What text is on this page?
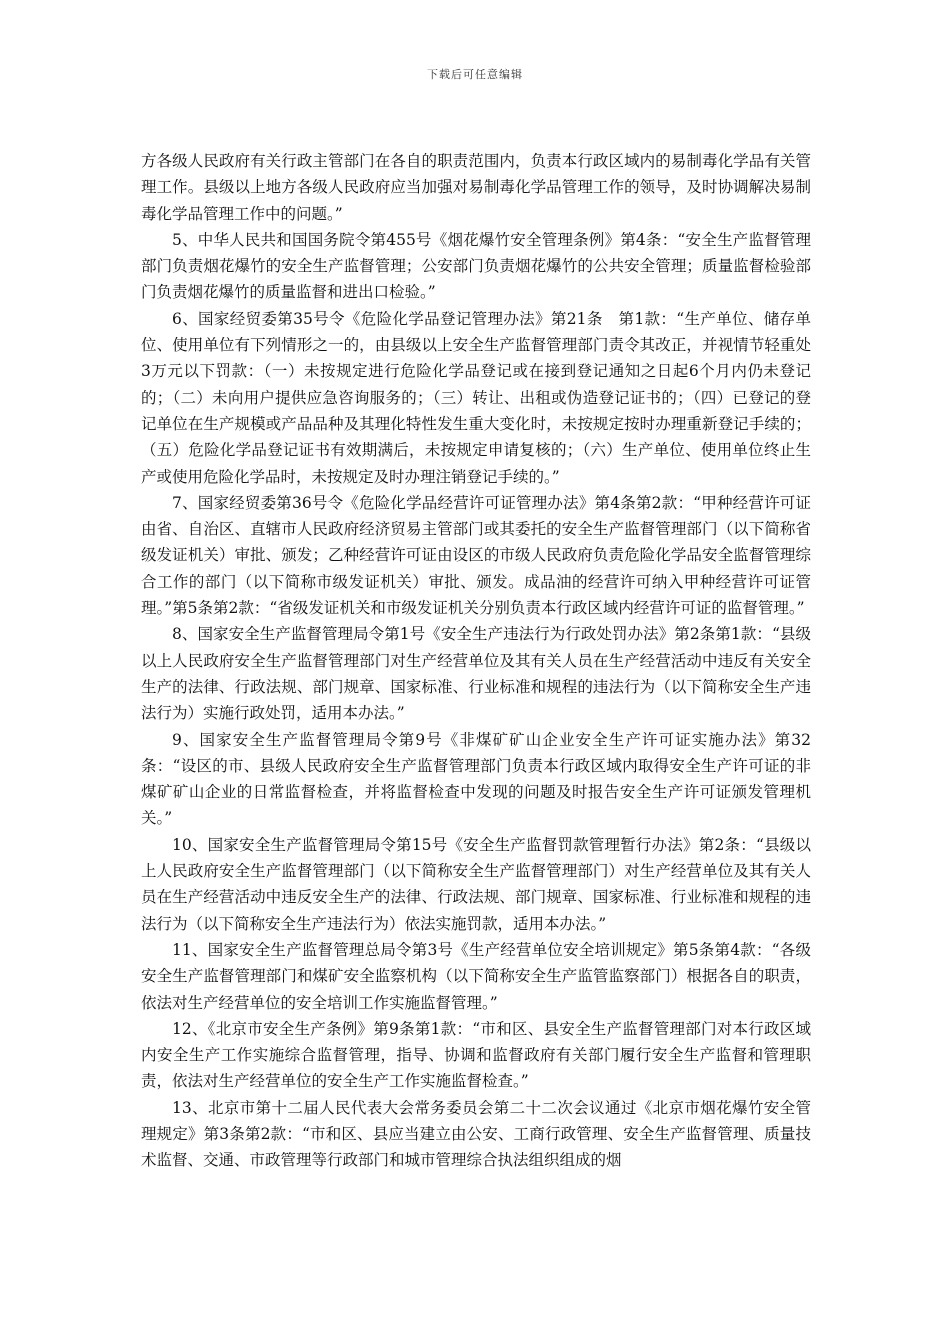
下载后可任意编辑

方各级人民政府有关行政主管部门在各自的职责范围内，负责本行政区域内的易制毒化学品有关管理工作。县级以上地方各级人民政府应当加强对易制毒化学品管理工作的领导，及时协调解决易制毒化学品管理工作中的问题。”

5、中华人民共和国国务院令第455号《烟花爆竹安全管理条例》第4条：“安全生产监督管理部门负责烟花爆竹的安全生产监督管理；公安部门负责烟花爆竹的公共安全管理；质量监督检验部门负责烟花爆竹的质量监督和进出口检验。”

6、国家经贸委第35号令《危险化学品登记管理办法》第21条　第1款：“生产单位、储存单位、使用单位有下列情形之一的，由县级以上安全生产监督管理部门责令其改正，并视情节轻重处3万元以下罚款：（一）未按规定进行危险化学品登记或在接到登记通知之日起6个月内仍未登记的；（二）未向用户提供应急咨询服务的；（三）转让、出租或伪造登记证书的；（四）已登记的登记单位在生产规模或产品品种及其理化特性发生重大变化时，未按规定按时办理重新登记手续的；（五）危险化学品登记证书有效期满后，未按规定申请复核的；（六）生产单位、使用单位终止生产或使用危险化学品时，未按规定及时办理注销登记手续的。”

7、国家经贸委第36号令《危险化学品经营许可证管理办法》第4条第2款：“甲种经营许可证由省、自治区、直辖市人民政府经济贸易主管部门或其委托的安全生产监督管理部门（以下简称省级发证机关）审批、颁发；乙种经营许可证由设区的市级人民政府负责危险化学品安全监督管理综合工作的部门（以下简称市级发证机关）审批、颁发。成品油的经营许可纳入甲种经营许可证管理。”第5条第2款：“省级发证机关和市级发证机关分别负责本行政区域内经营许可证的监督管理。”

8、国家安全生产监督管理局令第1号《安全生产违法行为行政处罚办法》第2条第1款：“县级以上人民政府安全生产监督管理部门对生产经营单位及其有关人员在生产经营活动中违反有关安全生产的法律、行政法规、部门规章、国家标准、行业标准和规程的违法行为（以下简称安全生产违法行为）实施行政处罚，适用本办法。”

9、国家安全生产监督管理局令第9号《非煤矿矿山企业安全生产许可证实施办法》第32条：“设区的市、县级人民政府安全生产监督管理部门负责本行政区域内取得安全生产许可证的非煤矿矿山企业的日常监督检查，并将监督检查中发现的问题及时报告安全生产许可证颁发管理机关。”

10、国家安全生产监督管理局令第15号《安全生产监督罚款管理暂行办法》第2条：“县级以上人民政府安全生产监督管理部门（以下简称安全生产监督管理部门）对生产经营单位及其有关人员在生产经营活动中违反安全生产的法律、行政法规、部门规章、国家标准、行业标准和规程的违法行为（以下简称安全生产违法行为）依法实施罚款，适用本办法。”

11、国家安全生产监督管理总局令第3号《生产经营单位安全培训规定》第5条第4款：“各级安全生产监督管理部门和煤矿安全监察机构（以下简称安全生产监管监察部门）根据各自的职责，依法对生产经营单位的安全培训工作实施监督管理。”

12、《北京市安全生产条例》第9条第1款：“市和区、县安全生产监督管理部门对本行政区域内安全生产工作实施综合监督管理，指导、协调和监督政府有关部门履行安全生产监督和管理职责，依法对生产经营单位的安全生产工作实施监督检查。”

13、北京市第十二届人民代表大会常务委员会第二十二次会议通过《北京市烟花爆竹安全管理规定》第3条第2款：“市和区、县应当建立由公安、工商行政管理、安全生产监督管理、质量技术监督、交通、市政管理等行政部门和城市管理综合执法组织组成的烟
